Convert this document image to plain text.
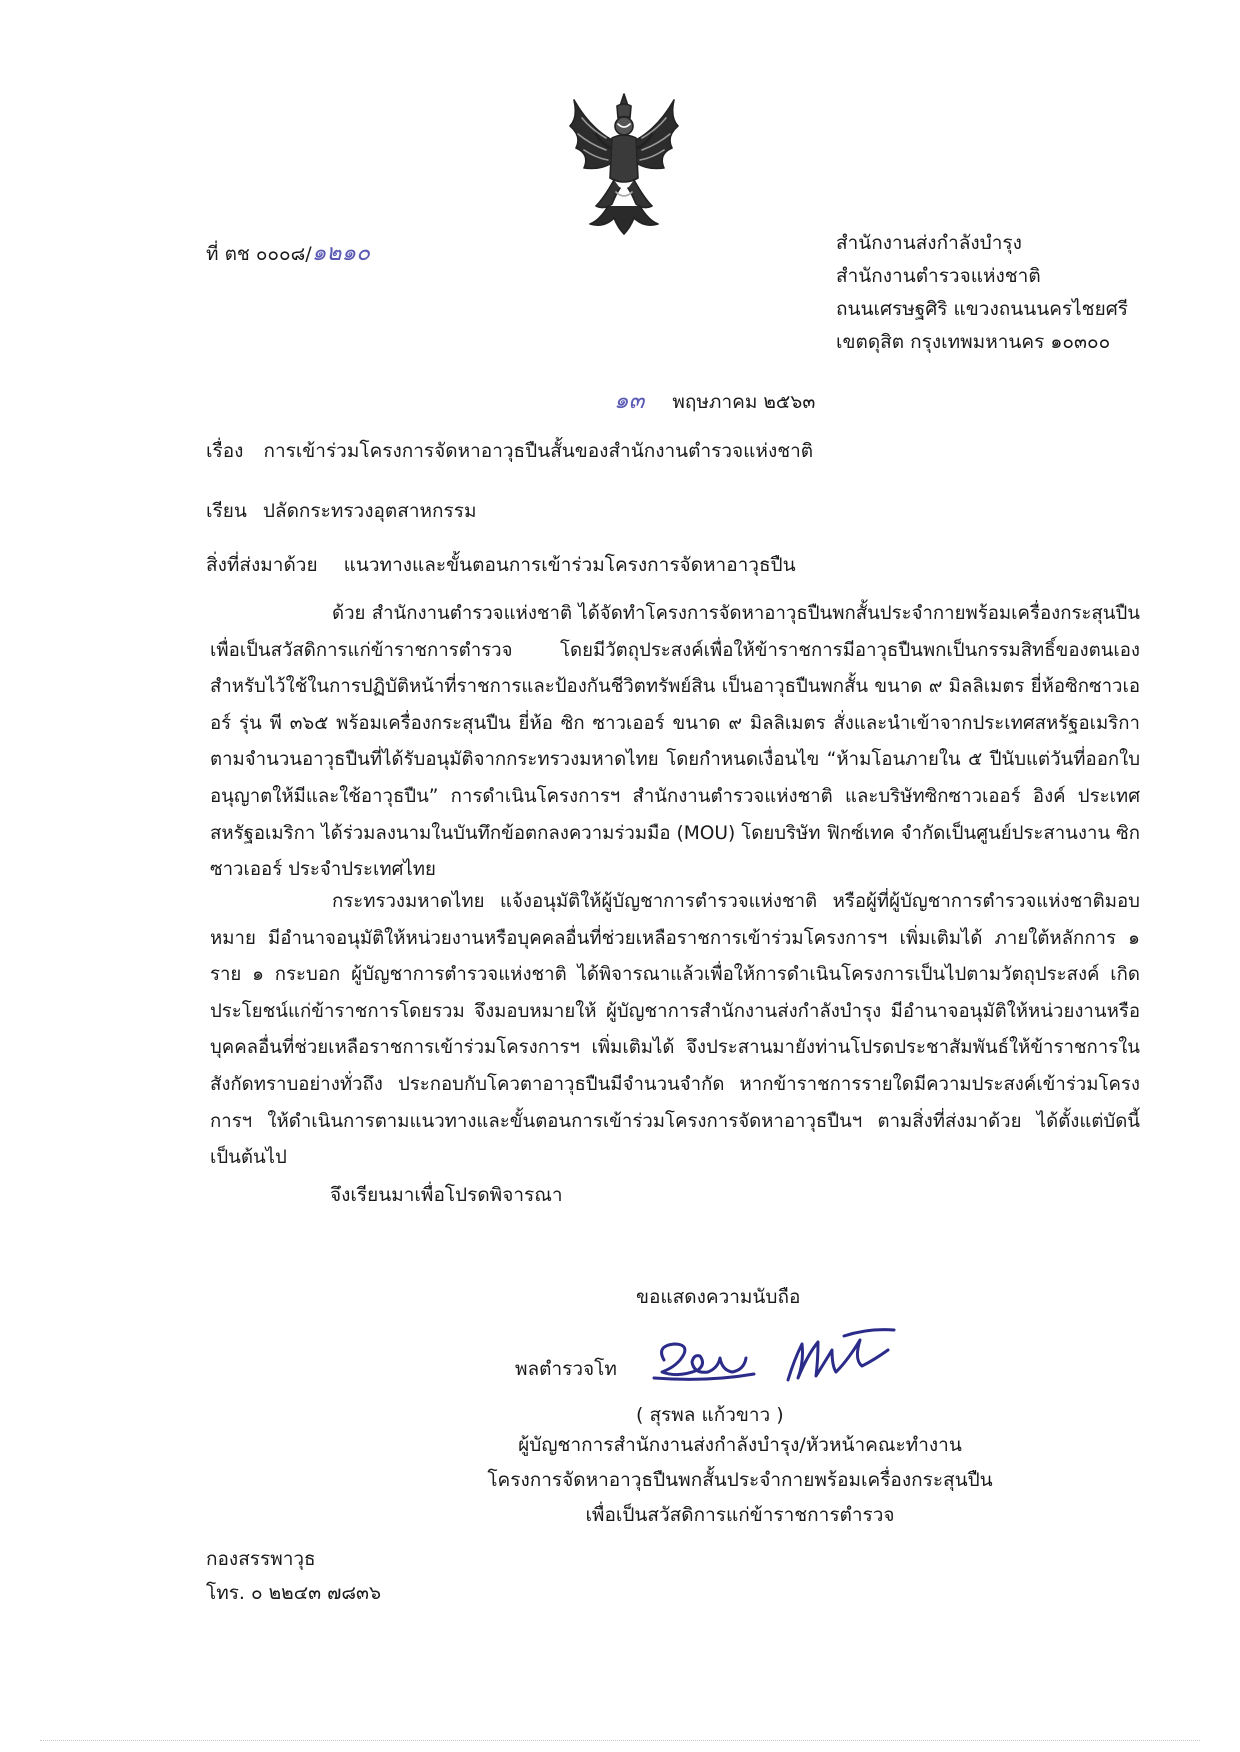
ที่ ตช ๐๐๐๘/๑๒๑๐	สำนักงานส่งกำลังบำรุง
สำนักงานตำรวจแห่งชาติ
ถนนเศรษฐศิริ แขวงถนนนครไชยศรี
เขตดุสิต กรุงเทพมหานคร ๑๐๓๐๐
๑๓ พฤษภาคม ๒๕๖๓
เรื่อง การเข้าร่วมโครงการจัดหาอาวุธปืนสั้นของสำนักงานตำรวจแห่งชาติ
เรียน ปลัดกระทรวงอุตสาหกรรม
สิ่งที่ส่งมาด้วย แนวทางและขั้นตอนการเข้าร่วมโครงการจัดหาอาวุธปืน

ด้วย สำนักงานตำรวจแห่งชาติ ได้จัดทำโครงการจัดหาอาวุธปืนพกสั้นประจำกายพร้อมเครื่องกระสุนปืนเพื่อเป็นสวัสดิการแก่ข้าราชการตำรวจ โดยมีวัตถุประสงค์เพื่อให้ข้าราชการมีอาวุธปืนพกเป็นกรรมสิทธิ์ของตนเองสำหรับไว้ใช้ในการปฏิบัติหน้าที่ราชการและป้องกันชีวิตทรัพย์สิน เป็นอาวุธปืนพกสั้น ขนาด ๙ มิลลิเมตร ยี่ห้อซิกซาวเออร์ รุ่น พี ๓๖๕ พร้อมเครื่องกระสุนปืน ยี่ห้อ ซิก ซาวเออร์ ขนาด ๙ มิลลิเมตร สั่งและนำเข้าจากประเทศสหรัฐอเมริกา ตามจำนวนอาวุธปืนที่ได้รับอนุมัติจากกระทรวงมหาดไทย โดยกำหนดเงื่อนไข “ห้ามโอนภายใน ๕ ปีนับแต่วันที่ออกใบอนุญาตให้มีและใช้อาวุธปืน” การดำเนินโครงการฯ สำนักงานตำรวจแห่งชาติ และบริษัทซิกซาวเออร์ อิงค์ ประเทศสหรัฐอเมริกา ได้ร่วมลงนามในบันทึกข้อตกลงความร่วมมือ (MOU) โดยบริษัท ฟิกซ์เทค จำกัดเป็นศูนย์ประสานงาน ซิก ซาวเออร์ ประจำประเทศไทย

กระทรวงมหาดไทย แจ้งอนุมัติให้ผู้บัญชาการตำรวจแห่งชาติ หรือผู้ที่ผู้บัญชาการตำรวจแห่งชาติมอบหมาย มีอำนาจอนุมัติให้หน่วยงานหรือบุคคลอื่นที่ช่วยเหลือราชการเข้าร่วมโครงการฯ เพิ่มเติมได้ ภายใต้หลักการ ๑ ราย ๑ กระบอก ผู้บัญชาการตำรวจแห่งชาติ ได้พิจารณาแล้วเพื่อให้การดำเนินโครงการเป็นไปตามวัตถุประสงค์ เกิดประโยชน์แก่ข้าราชการโดยรวม จึงมอบหมายให้ ผู้บัญชาการสำนักงานส่งกำลังบำรุง มีอำนาจอนุมัติให้หน่วยงานหรือบุคคลอื่นที่ช่วยเหลือราชการเข้าร่วมโครงการฯ เพิ่มเติมได้ จึงประสานมายังท่านโปรดประชาสัมพันธ์ให้ข้าราชการในสังกัดทราบอย่างทั่วถึง ประกอบกับโควตาอาวุธปืนมีจำนวนจำกัด หากข้าราชการรายใดมีความประสงค์เข้าร่วมโครงการฯ ให้ดำเนินการตามแนวทางและขั้นตอนการเข้าร่วมโครงการจัดหาอาวุธปืนฯ ตามสิ่งที่ส่งมาด้วย ได้ตั้งแต่บัดนี้เป็นต้นไป

จึงเรียนมาเพื่อโปรดพิจารณา
ขอแสดงความนับถือ
พลตำรวจโท
( สุรพล แก้วขาว )
ผู้บัญชาการสำนักงานส่งกำลังบำรุง/หัวหน้าคณะทำงาน
โครงการจัดหาอาวุธปืนพกสั้นประจำกายพร้อมเครื่องกระสุนปืน
เพื่อเป็นสวัสดิการแก่ข้าราชการตำรวจ
กองสรรพาวุธ
โทร. ๐ ๒๒๔๓ ๗๘๓๖
